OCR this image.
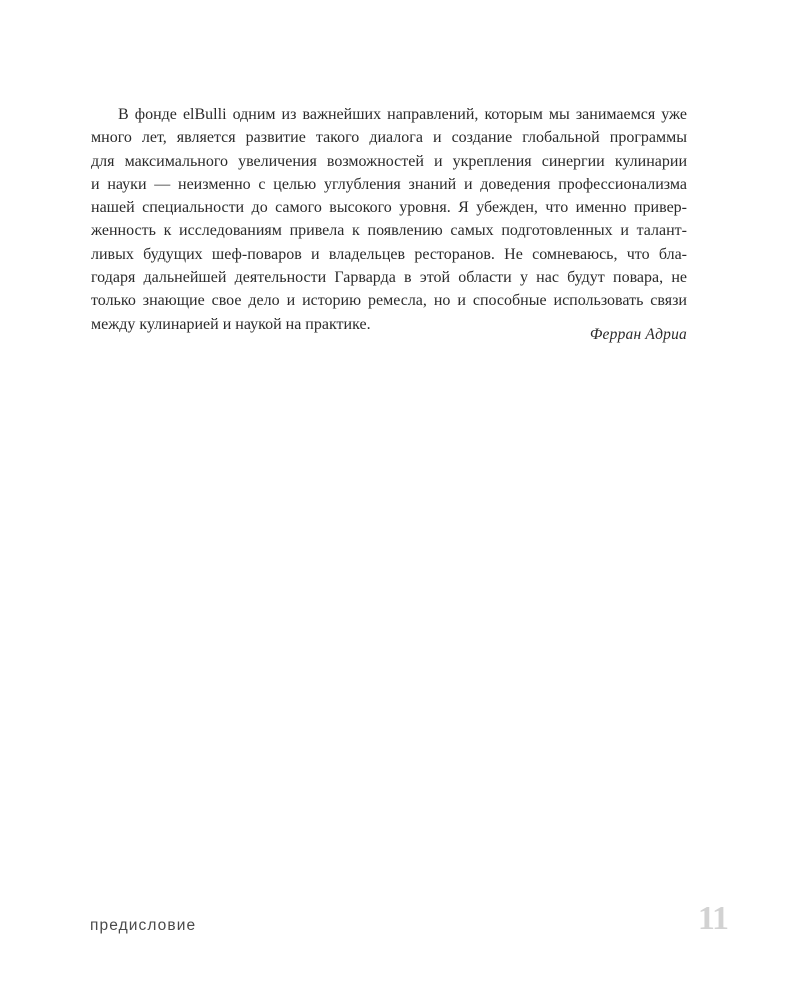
В фонде elBulli одним из важнейших направлений, которым мы занимаемся уже
много лет, является развитие такого диалога и создание глобальной программы
для максимального увеличения возможностей и укрепления синергии кулинарии
и науки — неизменно с целью углубления знаний и доведения профессионализма
нашей специальности до самого высокого уровня. Я убежден, что именно привер-
женность к исследованиям привела к появлению самых подготовленных и талант-
ливых будущих шеф-поваров и владельцев ресторанов. Не сомневаюсь, что бла-
годаря дальнейшей деятельности Гарварда в этой области у нас будут повара, не
только знающие свое дело и историю ремесла, но и способные использовать связи
между кулинарией и наукой на практике.
Ферран Адриа
предисловие	11
